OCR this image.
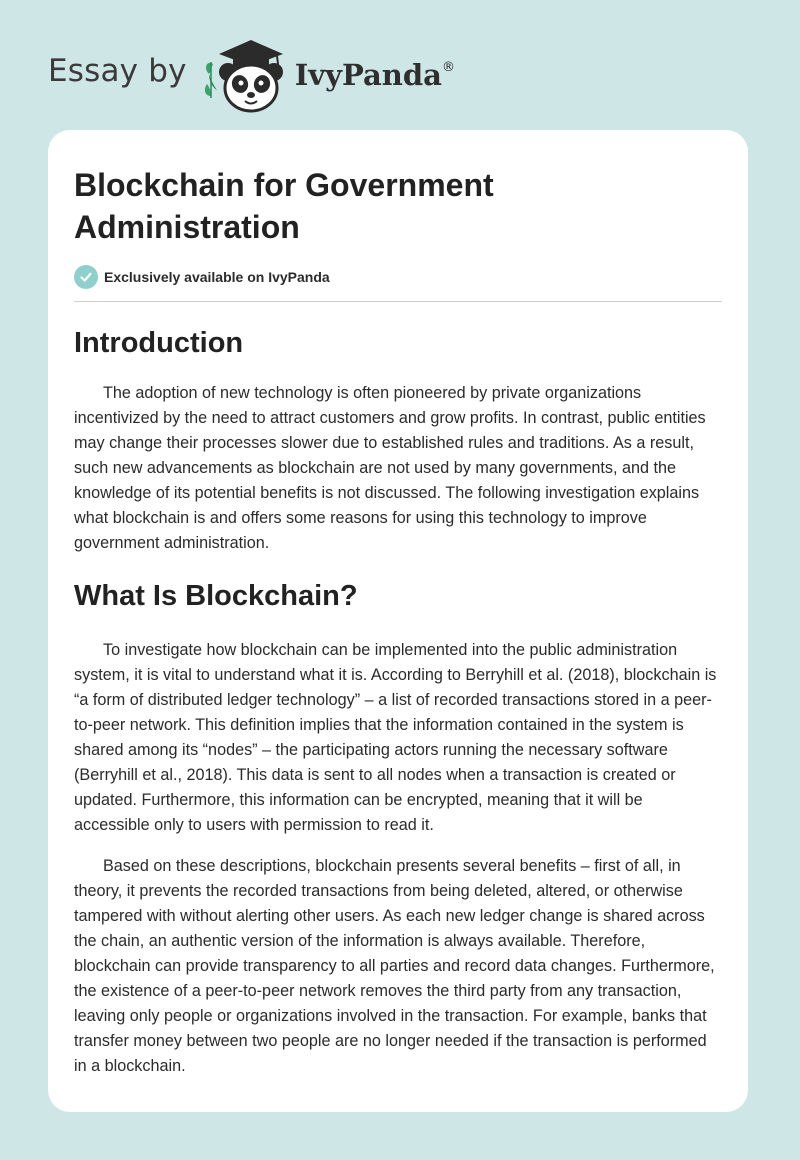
Essay by	IvyPanda®
Blockchain for Government Administration
Exclusively available on IvyPanda
Introduction

The adoption of new technology is often pioneered by private organizations incentivized by the need to attract customers and grow profits. In contrast, public entities may change their processes slower due to established rules and traditions. As a result, such new advancements as blockchain are not used by many governments, and the knowledge of its potential benefits is not discussed. The following investigation explains what blockchain is and offers some reasons for using this technology to improve government administration.

What Is Blockchain?

To investigate how blockchain can be implemented into the public administration system, it is vital to understand what it is. According to Berryhill et al. (2018), blockchain is “a form of distributed ledger technology” – a list of recorded transactions stored in a peer-to-peer network. This definition implies that the information contained in the system is shared among its “nodes” – the participating actors running the necessary software (Berryhill et al., 2018). This data is sent to all nodes when a transaction is created or updated. Furthermore, this information can be encrypted, meaning that it will be accessible only to users with permission to read it.

Based on these descriptions, blockchain presents several benefits – first of all, in theory, it prevents the recorded transactions from being deleted, altered, or otherwise tampered with without alerting other users. As each new ledger change is shared across the chain, an authentic version of the information is always available. Therefore, blockchain can provide transparency to all parties and record data changes. Furthermore, the existence of a peer-to-peer network removes the third party from any transaction, leaving only people or organizations involved in the transaction. For example, banks that transfer money between two people are no longer needed if the transaction is performed in a blockchain.
